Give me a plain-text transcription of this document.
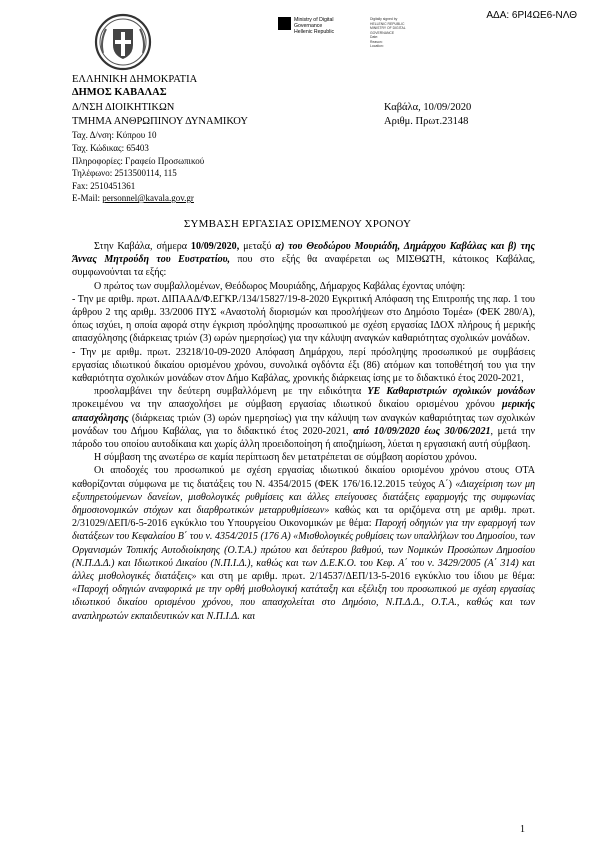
ΑΔΑ: 6ΡΙ4ΩΕ6-ΝΛΘ
Ministry of Digital
Governance
Hellenic Republic
Digitally signed by
HELLENIC REPUBLIC
MINISTRY OF DIGITAL
GOVERNANCE
Date:
Reason:
Location:
ΕΛΛΗΝΙΚΗ ΔΗΜΟΚΡΑΤΙΑ
ΔΗΜΟΣ ΚΑΒΑΛΑΣ
Δ/ΝΣΗ ΔΙΟΙΚΗΤΙΚΩΝ
ΤΜΗΜΑ ΑΝΘΡΩΠΙΝΟΥ ΔΥΝΑΜΙΚΟΥ
Καβάλα, 10/09/2020
Αριθμ. Πρωτ.23148
Ταχ. Δ/νση: Κύπρου 10
Ταχ. Κώδικας: 65403
Πληροφορίες: Γραφείο Προσωπικού
Τηλέφωνο: 2513500114, 115
Fax: 2510451361
E-Mail: personnel@kavala.gov.gr
ΣΥΜΒΑΣΗ ΕΡΓΑΣΙΑΣ ΟΡΙΣΜΕΝΟΥ ΧΡΟΝΟΥ

Στην Καβάλα, σήμερα 10/09/2020, μεταξύ α) του Θεοδώρου Μουριάδη, Δημάρχου Καβάλας και β) της Άννας Μητρούδη του Ευστρατίου, που στο εξής θα αναφέρεται ως ΜΙΣΘΩΤΗ, κάτοικος Καβάλας, συμφωνούνται τα εξής:

Ο πρώτος των συμβαλλομένων, Θεόδωρος Μουριάδης, Δήμαρχος Καβάλας έχοντας υπόψη:

- Την με αριθμ. πρωτ. ΔΙΠΑΑΔ/Φ.ΕΓΚΡ./134/15827/19-8-2020 Εγκριτική Απόφαση της Επιτροπής της παρ. 1 του άρθρου 2 της αριθμ. 33/2006 ΠΥΣ «Αναστολή διορισμών και προσλήψεων στο Δημόσιο Τομέα» (ΦΕΚ 280/Α), όπως ισχύει, η οποία αφορά στην έγκριση πρόσληψης προσωπικού με σχέση εργασίας ΙΔΟΧ πλήρους ή μερικής απασχόλησης (διάρκειας τριών (3) ωρών ημερησίως) για την κάλυψη αναγκών καθαριότητας σχολικών μονάδων.

- Την με αριθμ. πρωτ. 23218/10-09-2020 Απόφαση Δημάρχου, περί πρόσληψης προσωπικού με συμβάσεις εργασίας ιδιωτικού δικαίου ορισμένου χρόνου, συνολικά ογδόντα έξι (86) ατόμων και τοποθέτησή του για την καθαριότητα σχολικών μονάδων στον Δήμο Καβάλας, χρονικής διάρκειας ίσης με το διδακτικό έτος 2020-2021,

προσλαμβάνει την δεύτερη συμβαλλόμενη με την ειδικότητα ΥΕ Καθαριστριών σχολικών μονάδων προκειμένου να την απασχολήσει με σύμβαση εργασίας ιδιωτικού δικαίου ορισμένου χρόνου μερικής απασχόλησης (διάρκειας τριών (3) ωρών ημερησίως) για την κάλυψη των αναγκών καθαριότητας των σχολικών μονάδων του Δήμου Καβάλας, για το διδακτικό έτος 2020-2021, από 10/09/2020 έως 30/06/2021, μετά την πάροδο του οποίου αυτοδίκαια και χωρίς άλλη προειδοποίηση ή αποζημίωση, λύεται η εργασιακή αυτή σύμβαση.

Η σύμβαση της ανωτέρω σε καμία περίπτωση δεν μετατρέπεται σε σύμβαση αορίστου χρόνου.

Οι αποδοχές του προσωπικού με σχέση εργασίας ιδιωτικού δικαίου ορισμένου χρόνου στους ΟΤΑ καθορίζονται σύμφωνα με τις διατάξεις του Ν. 4354/2015 (ΦΕΚ 176/16.12.2015 τεύχος Α΄) «Διαχείριση των μη εξυπηρετούμενων δανείων, μισθολογικές ρυθμίσεις και άλλες επείγουσες διατάξεις εφαρμογής της συμφωνίας δημοσιονομικών στόχων και διαρθρωτικών μεταρρυθμίσεων» καθώς και τα οριζόμενα στη με αριθμ. πρωτ. 2/31029/ΔΕΠ/6-5-2016 εγκύκλιο του Υπουργείου Οικονομικών με θέμα: Παροχή οδηγιών για την εφαρμογή των διατάξεων του Κεφαλαίου Β΄ του ν. 4354/2015 (176 Α) «Μισθολογικές ρυθμίσεις των υπαλλήλων του Δημοσίου, των Οργανισμών Τοπικής Αυτοδιοίκησης (Ο.Τ.Α.) πρώτου και δεύτερου βαθμού, των Νομικών Προσώπων Δημοσίου (Ν.Π.Δ.Δ.) και Ιδιωτικού Δικαίου (Ν.Π.Ι.Δ.), καθώς και των Δ.Ε.Κ.Ο. του Κεφ. Α΄ του ν. 3429/2005 (Α΄ 314) και άλλες μισθολογικές διατάξεις» και στη με αριθμ. πρωτ. 2/14537/ΔΕΠ/13-5-2016 εγκύκλιο του ίδιου με θέμα: «Παροχή οδηγιών αναφορικά με την ορθή μισθολογική κατάταξη και εξέλιξη του προσωπικού με σχέση εργασίας ιδιωτικού δικαίου ορισμένου χρόνου, που απασχολείται στο Δημόσιο, Ν.Π.Δ.Δ., Ο.Τ.Α., καθώς και των αναπληρωτών εκπαιδευτικών και Ν.Π.Ι.Δ. και

1
